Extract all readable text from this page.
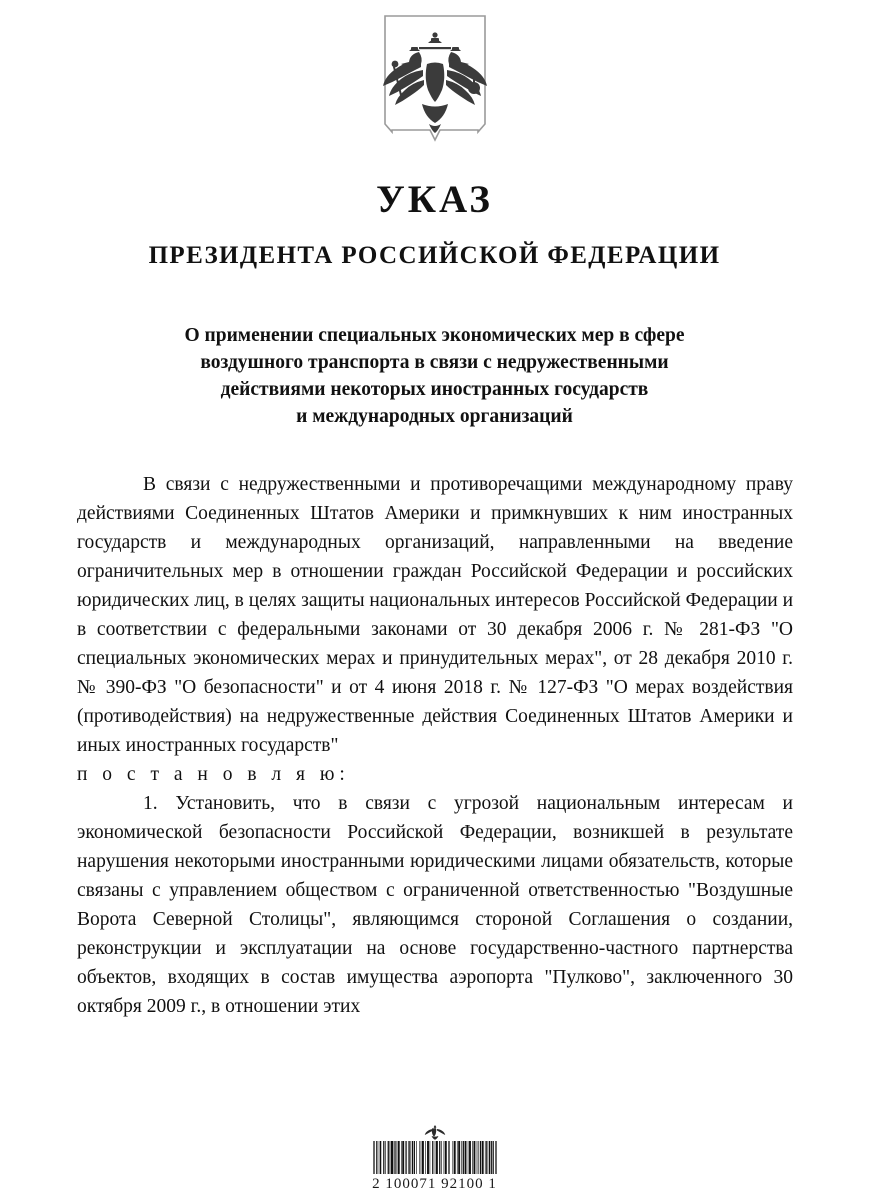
УКАЗ
ПРЕЗИДЕНТА РОССИЙСКОЙ ФЕДЕРАЦИИ
О применении специальных экономических мер в сфере
воздушного транспорта в связи с недружественными
действиями некоторых иностранных государств
и международных организаций

В связи с недружественными и противоречащими международному праву действиями Соединенных Штатов Америки и примкнувших к ним иностранных государств и международных организаций, направленными на введение ограничительных мер в отношении граждан Российской Федерации и российских юридических лиц, в целях защиты национальных интересов Российской Федерации и в соответствии с федеральными законами от 30 декабря 2006 г. № 281-ФЗ "О специальных экономических мерах и принудительных мерах", от 28 декабря 2010 г. № 390-ФЗ "О безопасности" и от 4 июня 2018 г. № 127-ФЗ "О мерах воздействия (противодействия) на недружественные действия Соединенных Штатов Америки и иных иностранных государств"

п о с т а н о в л я ю:

1. Установить, что в связи с угрозой национальным интересам и экономической безопасности Российской Федерации, возникшей в результате нарушения некоторыми иностранными юридическими лицами обязательств, которые связаны с управлением обществом с ограниченной ответственностью "Воздушные Ворота Северной Столицы", являющимся стороной Соглашения о создании, реконструкции и эксплуатации на основе государственно-частного партнерства объектов, входящих в состав имущества аэропорта "Пулково", заключенного 30 октября 2009 г., в отношении этих

2 100071 92100 1
